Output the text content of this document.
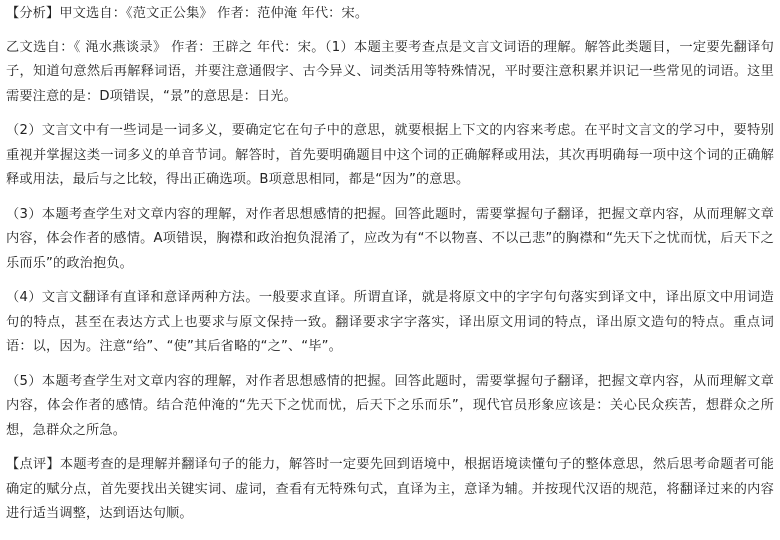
【分析】甲文选自：《范文正公集》 作者：范仲淹 年代：宋。

乙文选自：《 渑水燕谈录》 作者：王辟之 年代：宋。（1）本题主要考查点是文言文词语的理解。解答此类题目，一定要先翻译句子，知道句意然后再解释词语，并要注意通假字、古今异义、词类活用等特殊情况，平时要注意积累并识记一些常见的词语。这里需要注意的是：D项错误，“景”的意思是：日光。

（2）文言文中有一些词是一词多义，要确定它在句子中的意思，就要根据上下文的内容来考虑。在平时文言文的学习中，要特别重视并掌握这类一词多义的单音节词。解答时，首先要明确题目中这个词的正确解释或用法，其次再明确每一项中这个词的正确解释或用法，最后与之比较，得出正确选项。B项意思相同，都是“因为”的意思。

（3）本题考查学生对文章内容的理解，对作者思想感情的把握。回答此题时，需要掌握句子翻译，把握文章内容，从而理解文章内容，体会作者的感情。A项错误，胸襟和政治抱负混淆了，应改为有“不以物喜、不以己悲”的胸襟和“先天下之忧而忧，后天下之乐而乐”的政治抱负。

（4）文言文翻译有直译和意译两种方法。一般要求直译。所谓直译，就是将原文中的字字句句落实到译文中，译出原文中用词造句的特点，甚至在表达方式上也要求与原文保持一致。翻译要求字字落实，译出原文用词的特点，译出原文造句的特点。重点词语：以，因为。注意“给”、“使”其后省略的“之”、“毕”。

（5）本题考查学生对文章内容的理解，对作者思想感情的把握。回答此题时，需要掌握句子翻译，把握文章内容，从而理解文章内容，体会作者的感情。结合范仲淹的“先天下之忧而忧，后天下之乐而乐”，现代官员形象应该是：关心民众疾苦，想群众之所想，急群众之所急。

【点评】本题考查的是理解并翻译句子的能力，解答时一定要先回到语境中，根据语境读懂句子的整体意思，然后思考命题者可能确定的赋分点，首先要找出关键实词、虚词，查看有无特殊句式，直译为主，意译为辅。并按现代汉语的规范，将翻译过来的内容进行适当调整，达到语达句顺。
